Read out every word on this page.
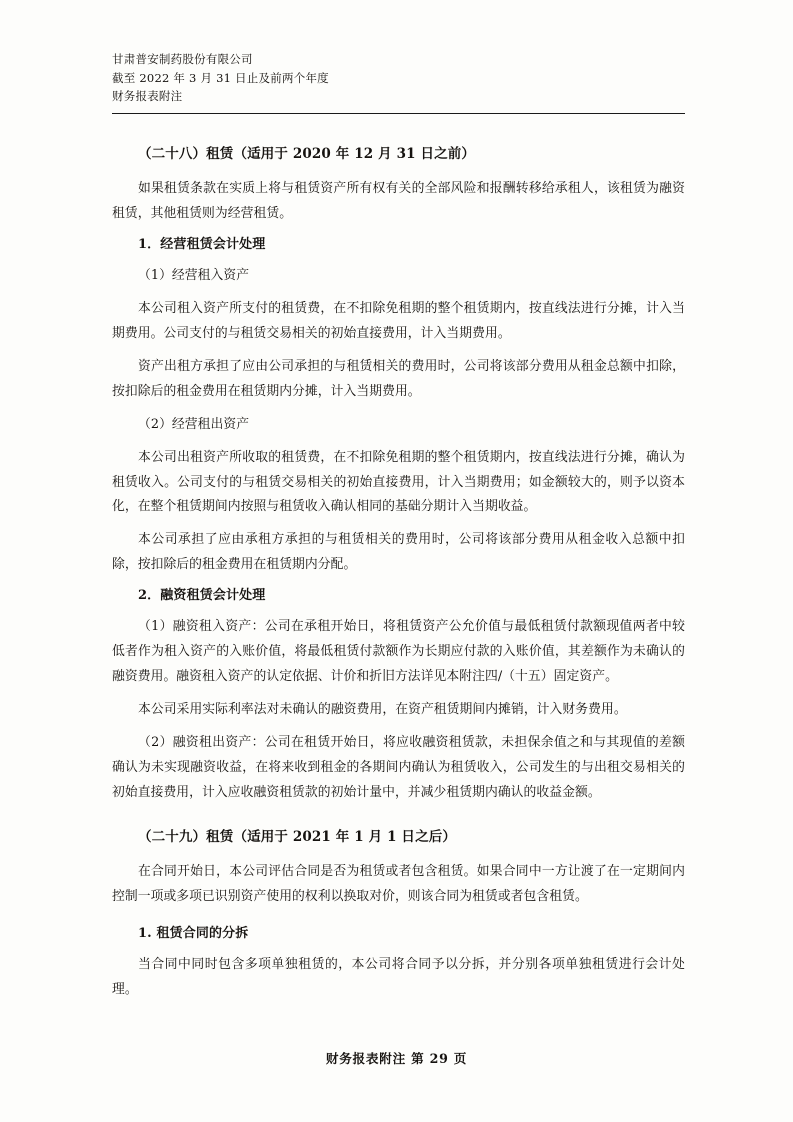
甘肃普安制药股份有限公司
截至 2022 年 3 月 31 日止及前两个年度
财务报表附注
（二十八）租赁（适用于 2020 年 12 月 31 日之前）

如果租赁条款在实质上将与租赁资产所有权有关的全部风险和报酬转移给承租人，该租赁为融资租赁，其他租赁则为经营租赁。

1．经营租赁会计处理

（1）经营租入资产

本公司租入资产所支付的租赁费，在不扣除免租期的整个租赁期内，按直线法进行分摊，计入当期费用。公司支付的与租赁交易相关的初始直接费用，计入当期费用。

资产出租方承担了应由公司承担的与租赁相关的费用时，公司将该部分费用从租金总额中扣除，按扣除后的租金费用在租赁期内分摊，计入当期费用。

（2）经营租出资产

本公司出租资产所收取的租赁费，在不扣除免租期的整个租赁期内，按直线法进行分摊，确认为租赁收入。公司支付的与租赁交易相关的初始直接费用，计入当期费用；如金额较大的，则予以资本化，在整个租赁期间内按照与租赁收入确认相同的基础分期计入当期收益。

本公司承担了应由承租方承担的与租赁相关的费用时，公司将该部分费用从租金收入总额中扣除，按扣除后的租金费用在租赁期内分配。

2．融资租赁会计处理

（1）融资租入资产：公司在承租开始日，将租赁资产公允价值与最低租赁付款额现值两者中较低者作为租入资产的入账价值，将最低租赁付款额作为长期应付款的入账价值，其差额作为未确认的融资费用。融资租入资产的认定依据、计价和折旧方法详见本附注四/（十五）固定资产。

本公司采用实际利率法对未确认的融资费用，在资产租赁期间内摊销，计入财务费用。

（2）融资租出资产：公司在租赁开始日，将应收融资租赁款，未担保余值之和与其现值的差额确认为未实现融资收益，在将来收到租金的各期间内确认为租赁收入，公司发生的与出租交易相关的初始直接费用，计入应收融资租赁款的初始计量中，并减少租赁期内确认的收益金额。

（二十九）租赁（适用于 2021 年 1 月 1 日之后）

在合同开始日，本公司评估合同是否为租赁或者包含租赁。如果合同中一方让渡了在一定期间内控制一项或多项已识别资产使用的权利以换取对价，则该合同为租赁或者包含租赁。

1. 租赁合同的分拆

当合同中同时包含多项单独租赁的，本公司将合同予以分拆，并分别各项单独租赁进行会计处理。

财务报表附注 第 29 页
